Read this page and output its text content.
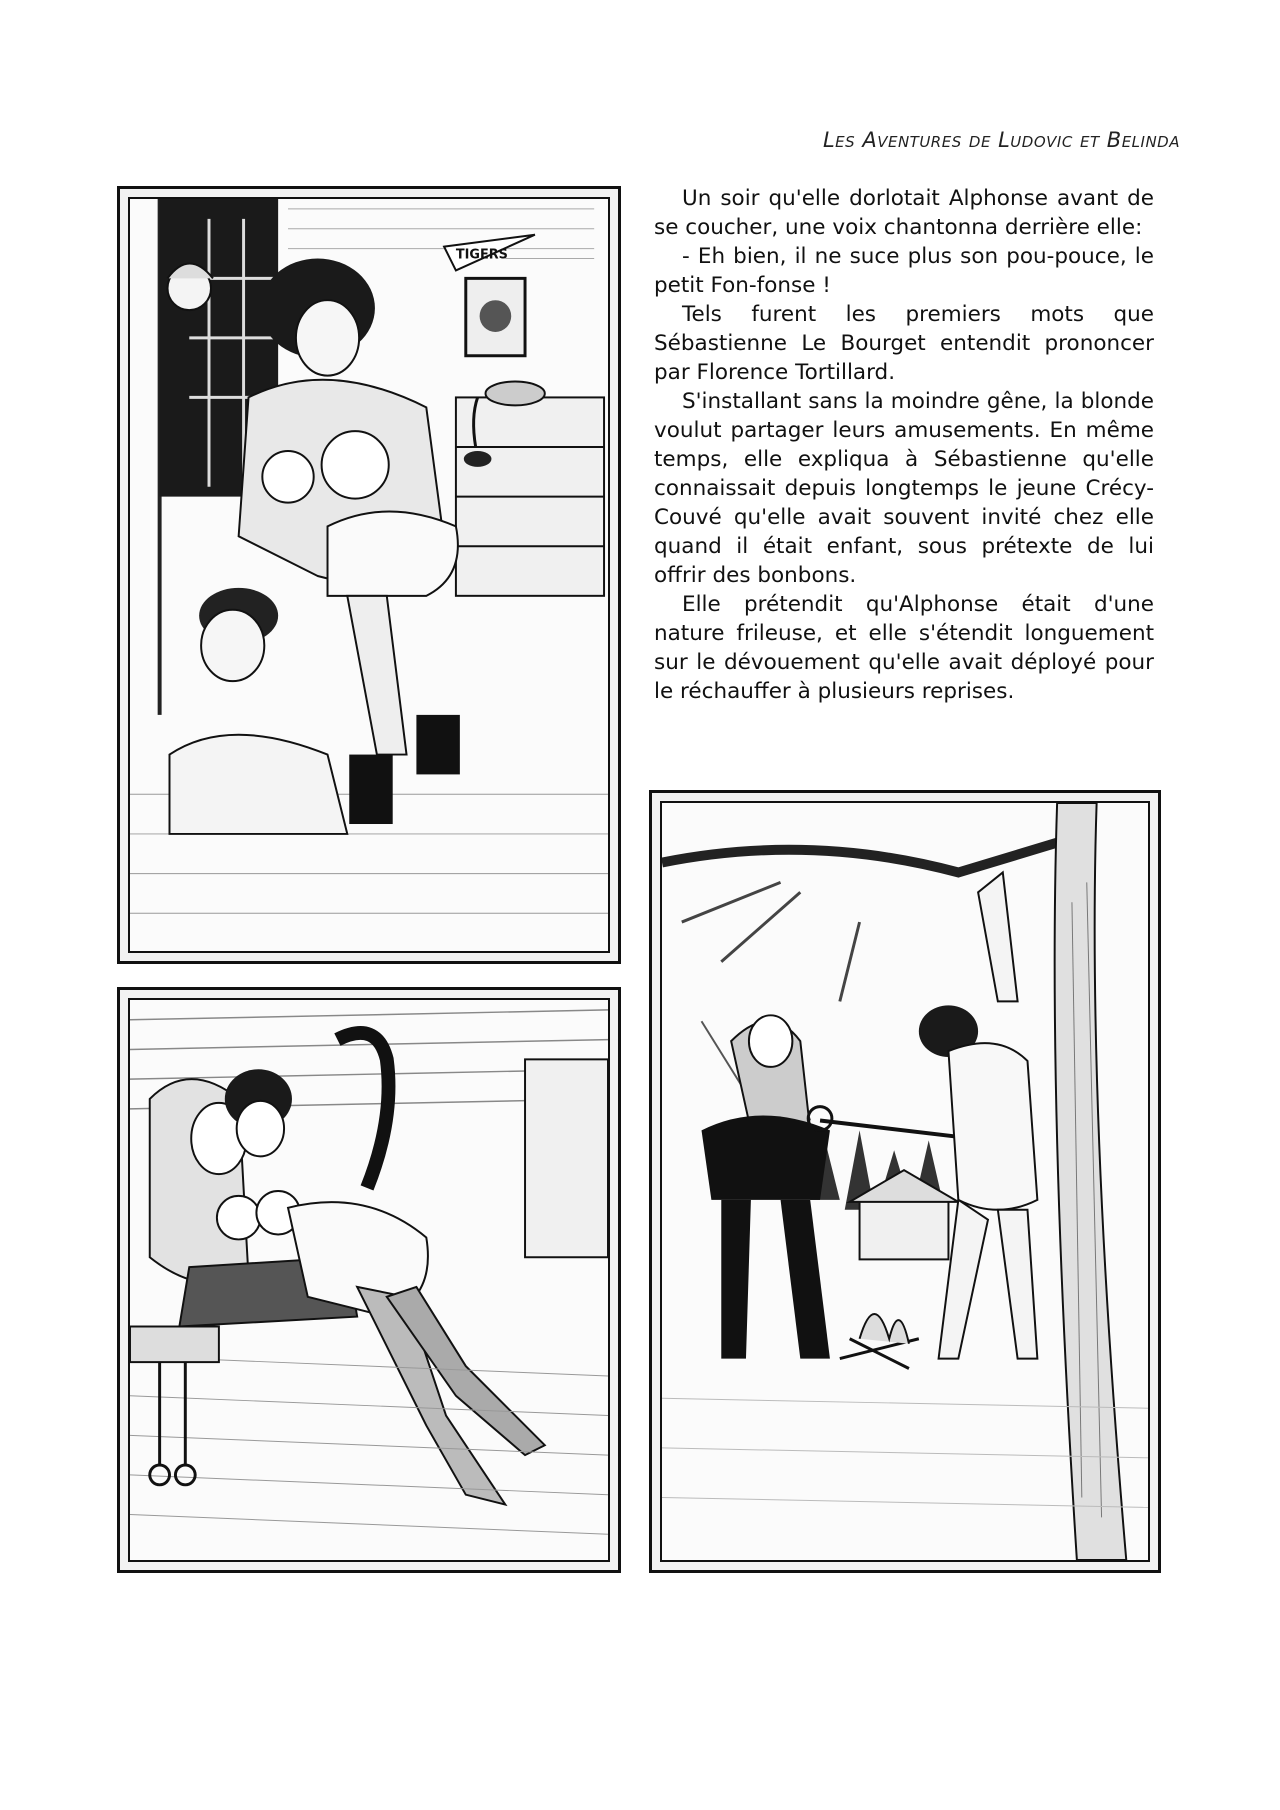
Les Aventures de Ludovic et Belinda
TIGERS

Un soir qu'elle dorlotait Alphonse avant de se coucher, une voix chantonna derrière elle:

- Eh bien, il ne suce plus son pou-pouce, le petit Fon-fonse !

Tels furent les premiers mots que Sébastienne Le Bourget entendit prononcer par Florence Tortillard.

S'installant sans la moindre gêne, la blonde voulut partager leurs amusements. En même temps, elle expliqua à Sébastienne qu'elle connaissait depuis longtemps le jeune Crécy-Couvé qu'elle avait souvent invité chez elle quand il était enfant, sous prétexte de lui offrir des bonbons.

Elle prétendit qu'Alphonse était d'une nature frileuse, et elle s'étendit longuement sur le dévouement qu'elle avait déployé pour le réchauffer à plusieurs reprises.
